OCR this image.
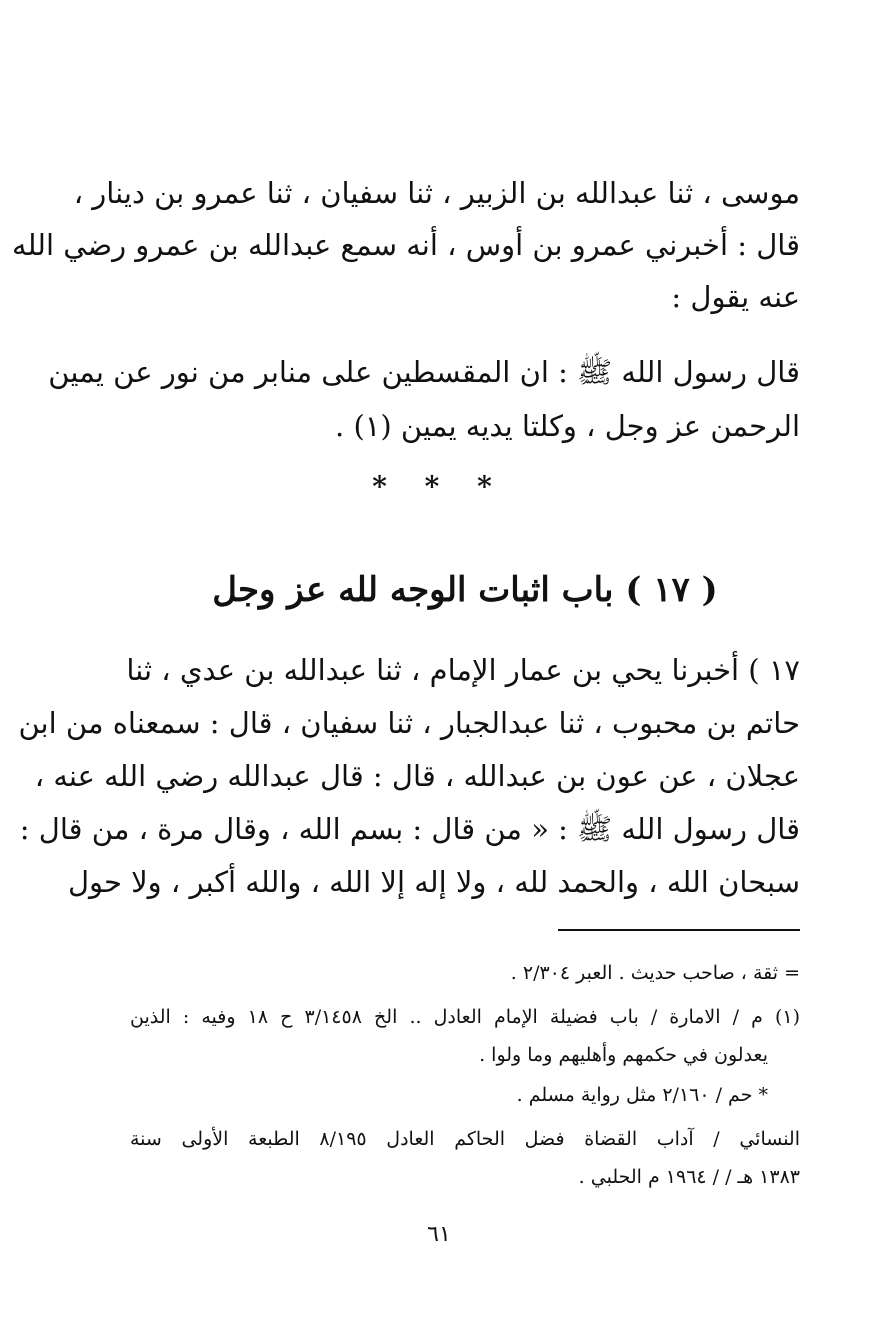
موسى ، ثنا عبدالله بن الزبير ، ثنا سفيان ، ثنا عمرو بن دينار ،
قال : أخبرني عمرو بن أوس ، أنه سمع عبدالله بن عمرو رضي الله
عنه يقول :
قال رسول الله ﷺ : ان المقسطين على منابر من نور عن يمين
الرحمن عز وجل ، وكلتا يديه يمين (١) .
* * *
( ١٧ ) باب اثبات الوجه لله عز وجل
١٧ ) أخبرنا يحي بن عمار الإمام ، ثنا عبدالله بن عدي ، ثنا
حاتم بن محبوب ، ثنا عبدالجبار ، ثنا سفيان ، قال : سمعناه من ابن
عجلان ، عن عون بن عبدالله ، قال : قال عبدالله رضي الله عنه ،
قال رسول الله ﷺ : « من قال : بسم الله ، وقال مرة ، من قال :
سبحان الله ، والحمد لله ، ولا إله إلا الله ، والله أكبر ، ولا حول
= ثقة ، صاحب حديث . العبر ٢/٣٠٤ .
(١) م / الامارة / باب فضيلة الإمام العادل .. الخ ٣/١٤٥٨ ح ١٨ وفيه : الذين
يعدلون في حكمهم وأهليهم وما ولوا .
* حم / ٢/١٦٠ مثل رواية مسلم .
النسائي / آداب القضاة فضل الحاكم العادل ٨/١٩٥ الطبعة الأولى سنة
١٣٨٣ هـ / / ١٩٦٤ م الحلبي .
٦١
